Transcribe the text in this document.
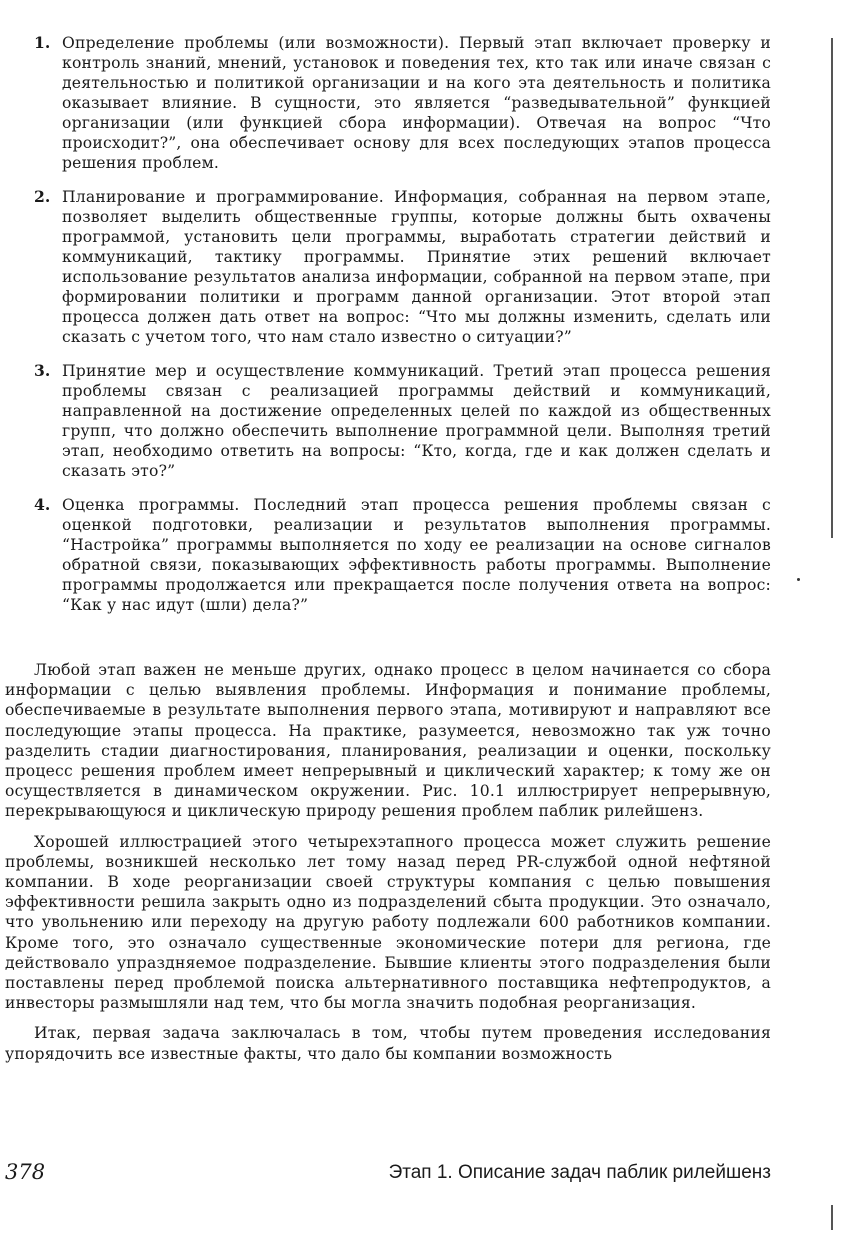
1. Определение проблемы (или возможности). Первый этап включает проверку и контроль знаний, мнений, установок и поведения тех, кто так или иначе связан с деятельностью и политикой организации и на кого эта деятельность и политика оказывает влияние. В сущности, это является “разведывательной” функцией организации (или функцией сбора информации). Отвечая на вопрос “Что происходит?”, она обеспечивает основу для всех последующих этапов процесса решения проблем.
2. Планирование и программирование. Информация, собранная на первом этапе, позволяет выделить общественные группы, которые должны быть охвачены программой, установить цели программы, выработать стратегии действий и коммуникаций, тактику программы. Принятие этих решений включает использование результатов анализа информации, собранной на первом этапе, при формировании политики и программ данной организации. Этот второй этап процесса должен дать ответ на вопрос: “Что мы должны изменить, сделать или сказать с учетом того, что нам стало известно о ситуации?”
3. Принятие мер и осуществление коммуникаций. Третий этап процесса решения проблемы связан с реализацией программы действий и коммуникаций, направленной на достижение определенных целей по каждой из общественных групп, что должно обеспечить выполнение программной цели. Выполняя третий этап, необходимо ответить на вопросы: “Кто, когда, где и как должен сделать и сказать это?”
4. Оценка программы. Последний этап процесса решения проблемы связан с оценкой подготовки, реализации и результатов выполнения программы. “Настройка” программы выполняется по ходу ее реализации на основе сигналов обратной связи, показывающих эффективность работы программы. Выполнение программы продолжается или прекращается после получения ответа на вопрос: “Как у нас идут (шли) дела?”

Любой этап важен не меньше других, однако процесс в целом начинается со сбора информации с целью выявления проблемы. Информация и понимание проблемы, обеспечиваемые в результате выполнения первого этапа, мотивируют и направляют все последующие этапы процесса. На практике, разумеется, невозможно так уж точно разделить стадии диагностирования, планирования, реализации и оценки, поскольку процесс решения проблем имеет непрерывный и циклический характер; к тому же он осуществляется в динамическом окружении. Рис. 10.1 иллюстрирует непрерывную, перекрывающуюся и циклическую природу решения проблем паблик рилейшенз.

Хорошей иллюстрацией этого четырехэтапного процесса может служить решение проблемы, возникшей несколько лет тому назад перед PR-службой одной нефтяной компании. В ходе реорганизации своей структуры компания с целью повышения эффективности решила закрыть одно из подразделений сбыта продукции. Это означало, что увольнению или переходу на другую работу подлежали 600 работников компании. Кроме того, это означало существенные экономические потери для региона, где действовало упраздняемое подразделение. Бывшие клиенты этого подразделения были поставлены перед проблемой поиска альтернативного поставщика нефтепродуктов, а инвесторы размышляли над тем, что бы могла значить подобная реорганизация.

Итак, первая задача заключалась в том, чтобы путем проведения исследования упорядочить все известные факты, что дало бы компании возможность

378	Этап 1. Описание задач паблик рилейшенз
